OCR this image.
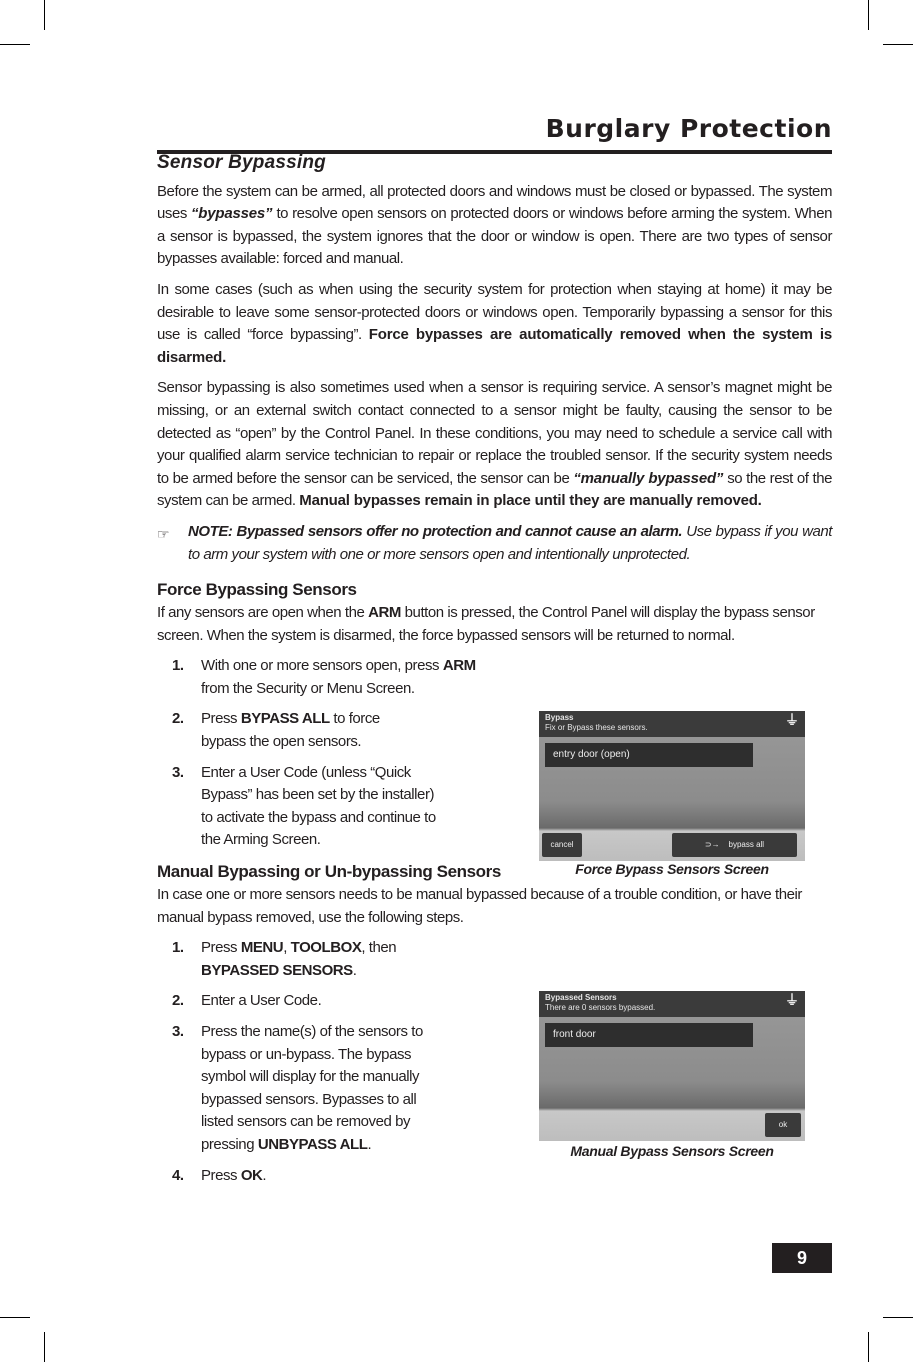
Burglary Protection
Sensor Bypassing

Before the system can be armed, all protected doors and windows must be closed or bypassed. The system uses “bypasses” to resolve open sensors on protected doors or windows before arming the system. When a sensor is bypassed, the system ignores that the door or window is open. There are two types of sensor bypasses available: forced and manual.

In some cases (such as when using the security system for protection when staying at home) it may be desirable to leave some sensor-protected doors or windows open. Temporarily bypassing a sensor for this use is called “force bypassing”. Force bypasses are automatically removed when the system is disarmed.

Sensor bypassing is also sometimes used when a sensor is requiring service. A sensor’s magnet might be missing, or an external switch contact connected to a sensor might be faulty, causing the sensor to be detected as “open” by the Control Panel. In these conditions, you may need to schedule a service call with your qualified alarm service technician to repair or replace the troubled sensor. If the security system needs to be armed before the sensor can be serviced, the sensor can be “manually bypassed” so the rest of the system can be armed. Manual bypasses remain in place until they are manually removed.

☞	NOTE: Bypassed sensors offer no protection and cannot cause an alarm. Use bypass if you want to arm your system with one or more sensors open and intentionally unprotected.
Force Bypassing Sensors

If any sensors are open when the ARM button is pressed, the Control Panel will display the bypass sensor screen. When the system is disarmed, the force bypassed sensors will be returned to normal.

1.	With one or more sensors open, press ARM from the Security or Menu Screen.
2.	Press BYPASS ALL to force bypass the open sensors.
3.	Enter a User Code (unless “Quick Bypass” has been set by the installer) to activate the bypass and continue to the Arming Screen.
Manual Bypassing or Un-bypassing Sensors

In case one or more sensors needs to be manual bypassed because of a trouble condition, or have their manual bypass removed, use the following steps.

1.	Press MENU, TOOLBOX, then BYPASSED SENSORS.
2.	Enter a User Code.
3.	Press the name(s) of the sensors to bypass or un-bypass. The bypass symbol will display for the manually bypassed sensors. Bypasses to all listed sensors can be removed by pressing UNBYPASS ALL.
4.	Press OK.
Bypass
Fix or Bypass these sensors.	⏚
entry door (open)
cancel	⊃→    bypass all
Force Bypass Sensors Screen
Bypassed Sensors
There are 0 sensors bypassed.	⏚
front door
ok
Manual Bypass Sensors Screen
9
